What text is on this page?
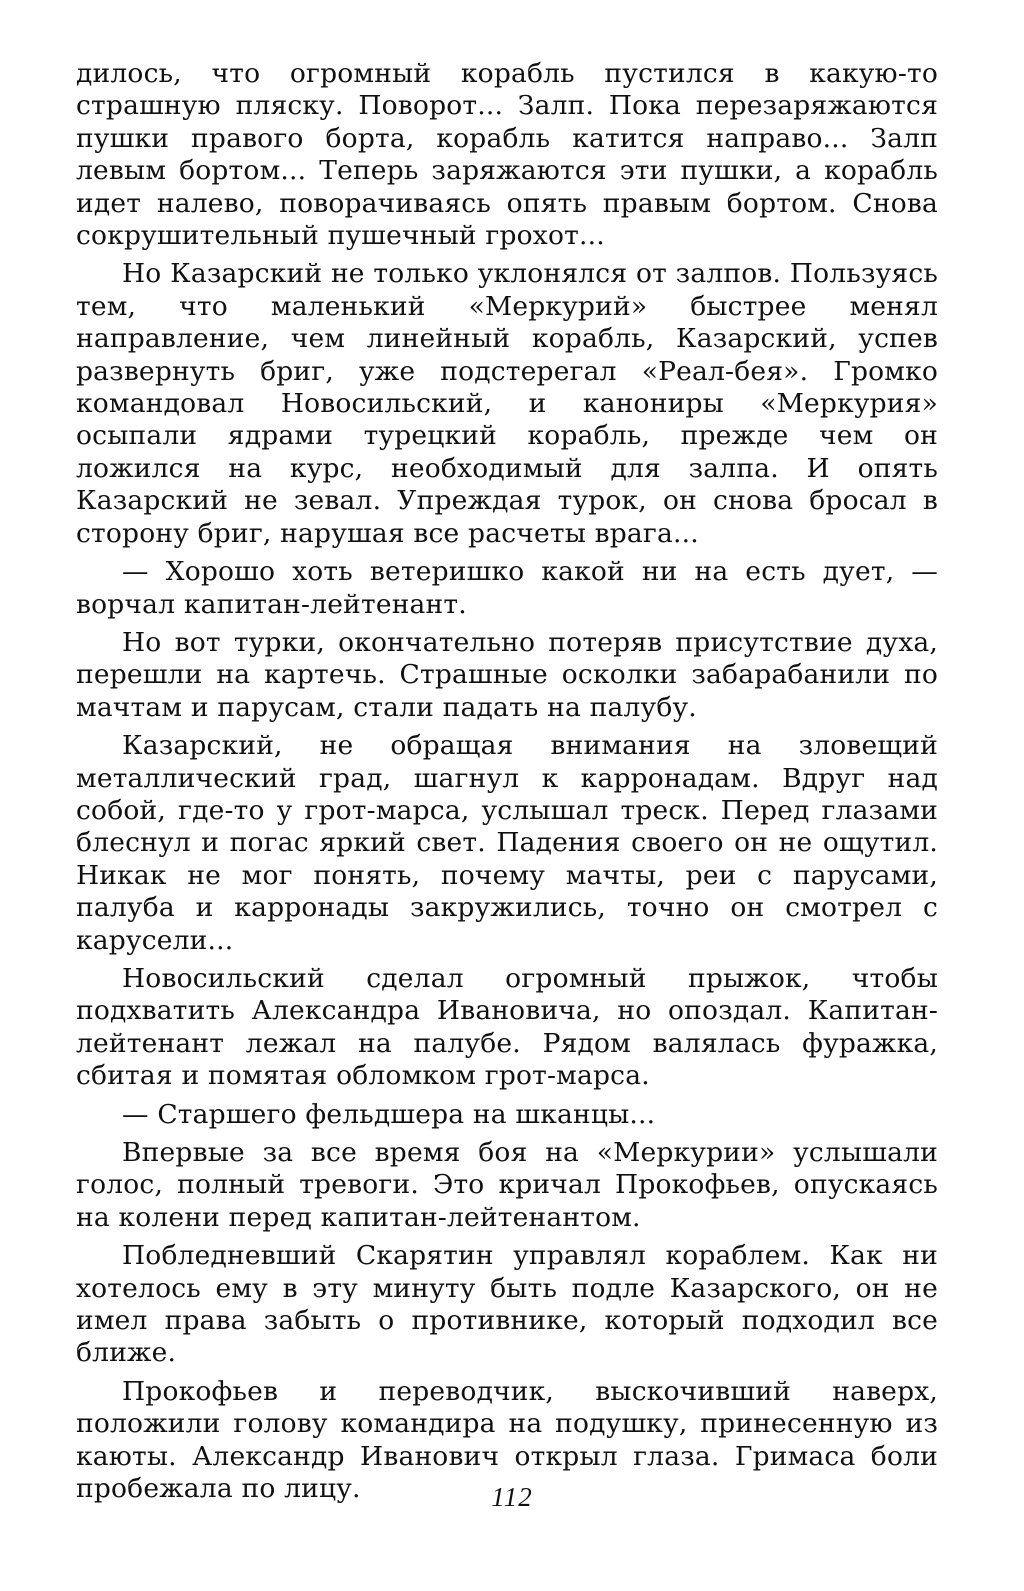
дилось, что огромный корабль пустился в какую-то страшную пляску. Поворот... Залп. Пока перезаряжаются пушки правого борта, корабль катится направо... Залп левым бортом... Теперь заряжаются эти пушки, а корабль идет налево, поворачиваясь опять правым бортом. Снова сокрушительный пушечный грохот...

Но Казарский не только уклонялся от залпов. Пользуясь тем, что маленький «Меркурий» быстрее менял направление, чем линейный корабль, Казарский, успев развернуть бриг, уже подстерегал «Реал-бея». Громко командовал Новосильский, и канониры «Меркурия» осыпали ядрами турецкий корабль, прежде чем он ложился на курс, необходимый для залпа. И опять Казарский не зевал. Упреждая турок, он снова бросал в сторону бриг, нарушая все расчеты врага...

— Хорошо хоть ветеришко какой ни на есть дует, — ворчал капитан-лейтенант.

Но вот турки, окончательно потеряв присутствие духа, перешли на картечь. Страшные осколки забарабанили по мачтам и парусам, стали падать на палубу.

Казарский, не обращая внимания на зловещий металлический град, шагнул к карронадам. Вдруг над собой, где-то у грот-марса, услышал треск. Перед глазами блеснул и погас яркий свет. Падения своего он не ощутил. Никак не мог понять, почему мачты, реи с парусами, палуба и карронады закружились, точно он смотрел с карусели...

Новосильский сделал огромный прыжок, чтобы подхватить Александра Ивановича, но опоздал. Капитан-лейтенант лежал на палубе. Рядом валялась фуражка, сбитая и помятая обломком грот-марса.

— Старшего фельдшера на шканцы...

Впервые за все время боя на «Меркурии» услышали голос, полный тревоги. Это кричал Прокофьев, опускаясь на колени перед капитан-лейтенантом.

Побледневший Скарятин управлял кораблем. Как ни хотелось ему в эту минуту быть подле Казарского, он не имел права забыть о противнике, который подходил все ближе.

Прокофьев и переводчик, выскочивший наверх, положили голову командира на подушку, принесенную из каюты. Александр Иванович открыл глаза. Гримаса боли пробежала по лицу.	112
